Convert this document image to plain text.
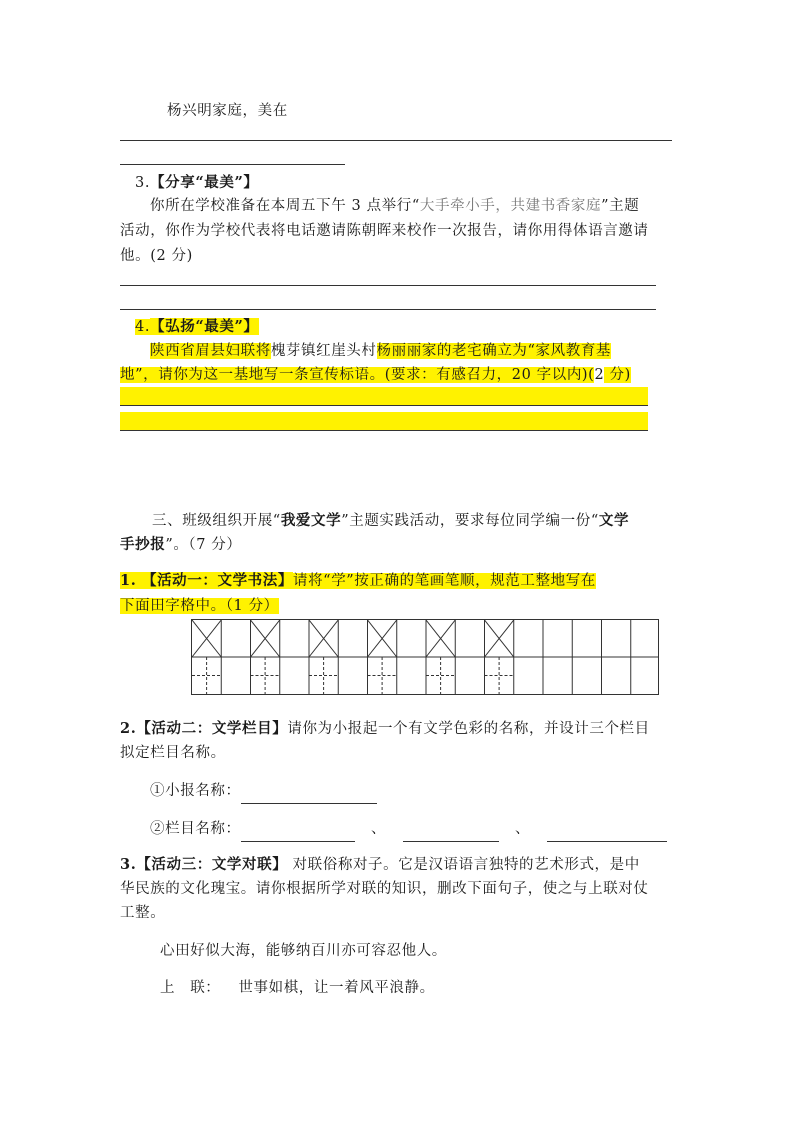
杨兴明家庭，美在
3.【分享“最美”】
你所在学校准备在本周五下午 3 点举行“大手牵小手，共建书香家庭”主题
活动，你作为学校代表将电话邀请陈朝晖来校作一次报告，请你用得体语言邀请
他。(2 分)
4.【弘扬“最美”】
陕西省眉县妇联将槐芽镇红崖头村杨丽丽家的老宅确立为“家风教育基
地”，请你为这一基地写一条宣传标语。(要求：有感召力，20 字以内)(2 分)
三、班级组织开展“我爱文学”主题实践活动，要求每位同学编一份“文学
手抄报”。（7 分）
1. 【活动一：文学书法】请将“学”按正确的笔画笔顺，规范工整地写在
下面田字格中。（1 分）
2.【活动二：文学栏目】请你为小报起一个有文学色彩的名称，并设计三个栏目
拟定栏目名称。
①小报名称：
②栏目名称：	、	、
3.【活动三：文学对联】 对联俗称对子。它是汉语语言独特的艺术形式，是中
华民族的文化瑰宝。请你根据所学对联的知识，删改下面句子，使之与上联对仗
工整。
心田好似大海，能够纳百川亦可容忍他人。
上　联： 世事如棋，让一着风平浪静。
